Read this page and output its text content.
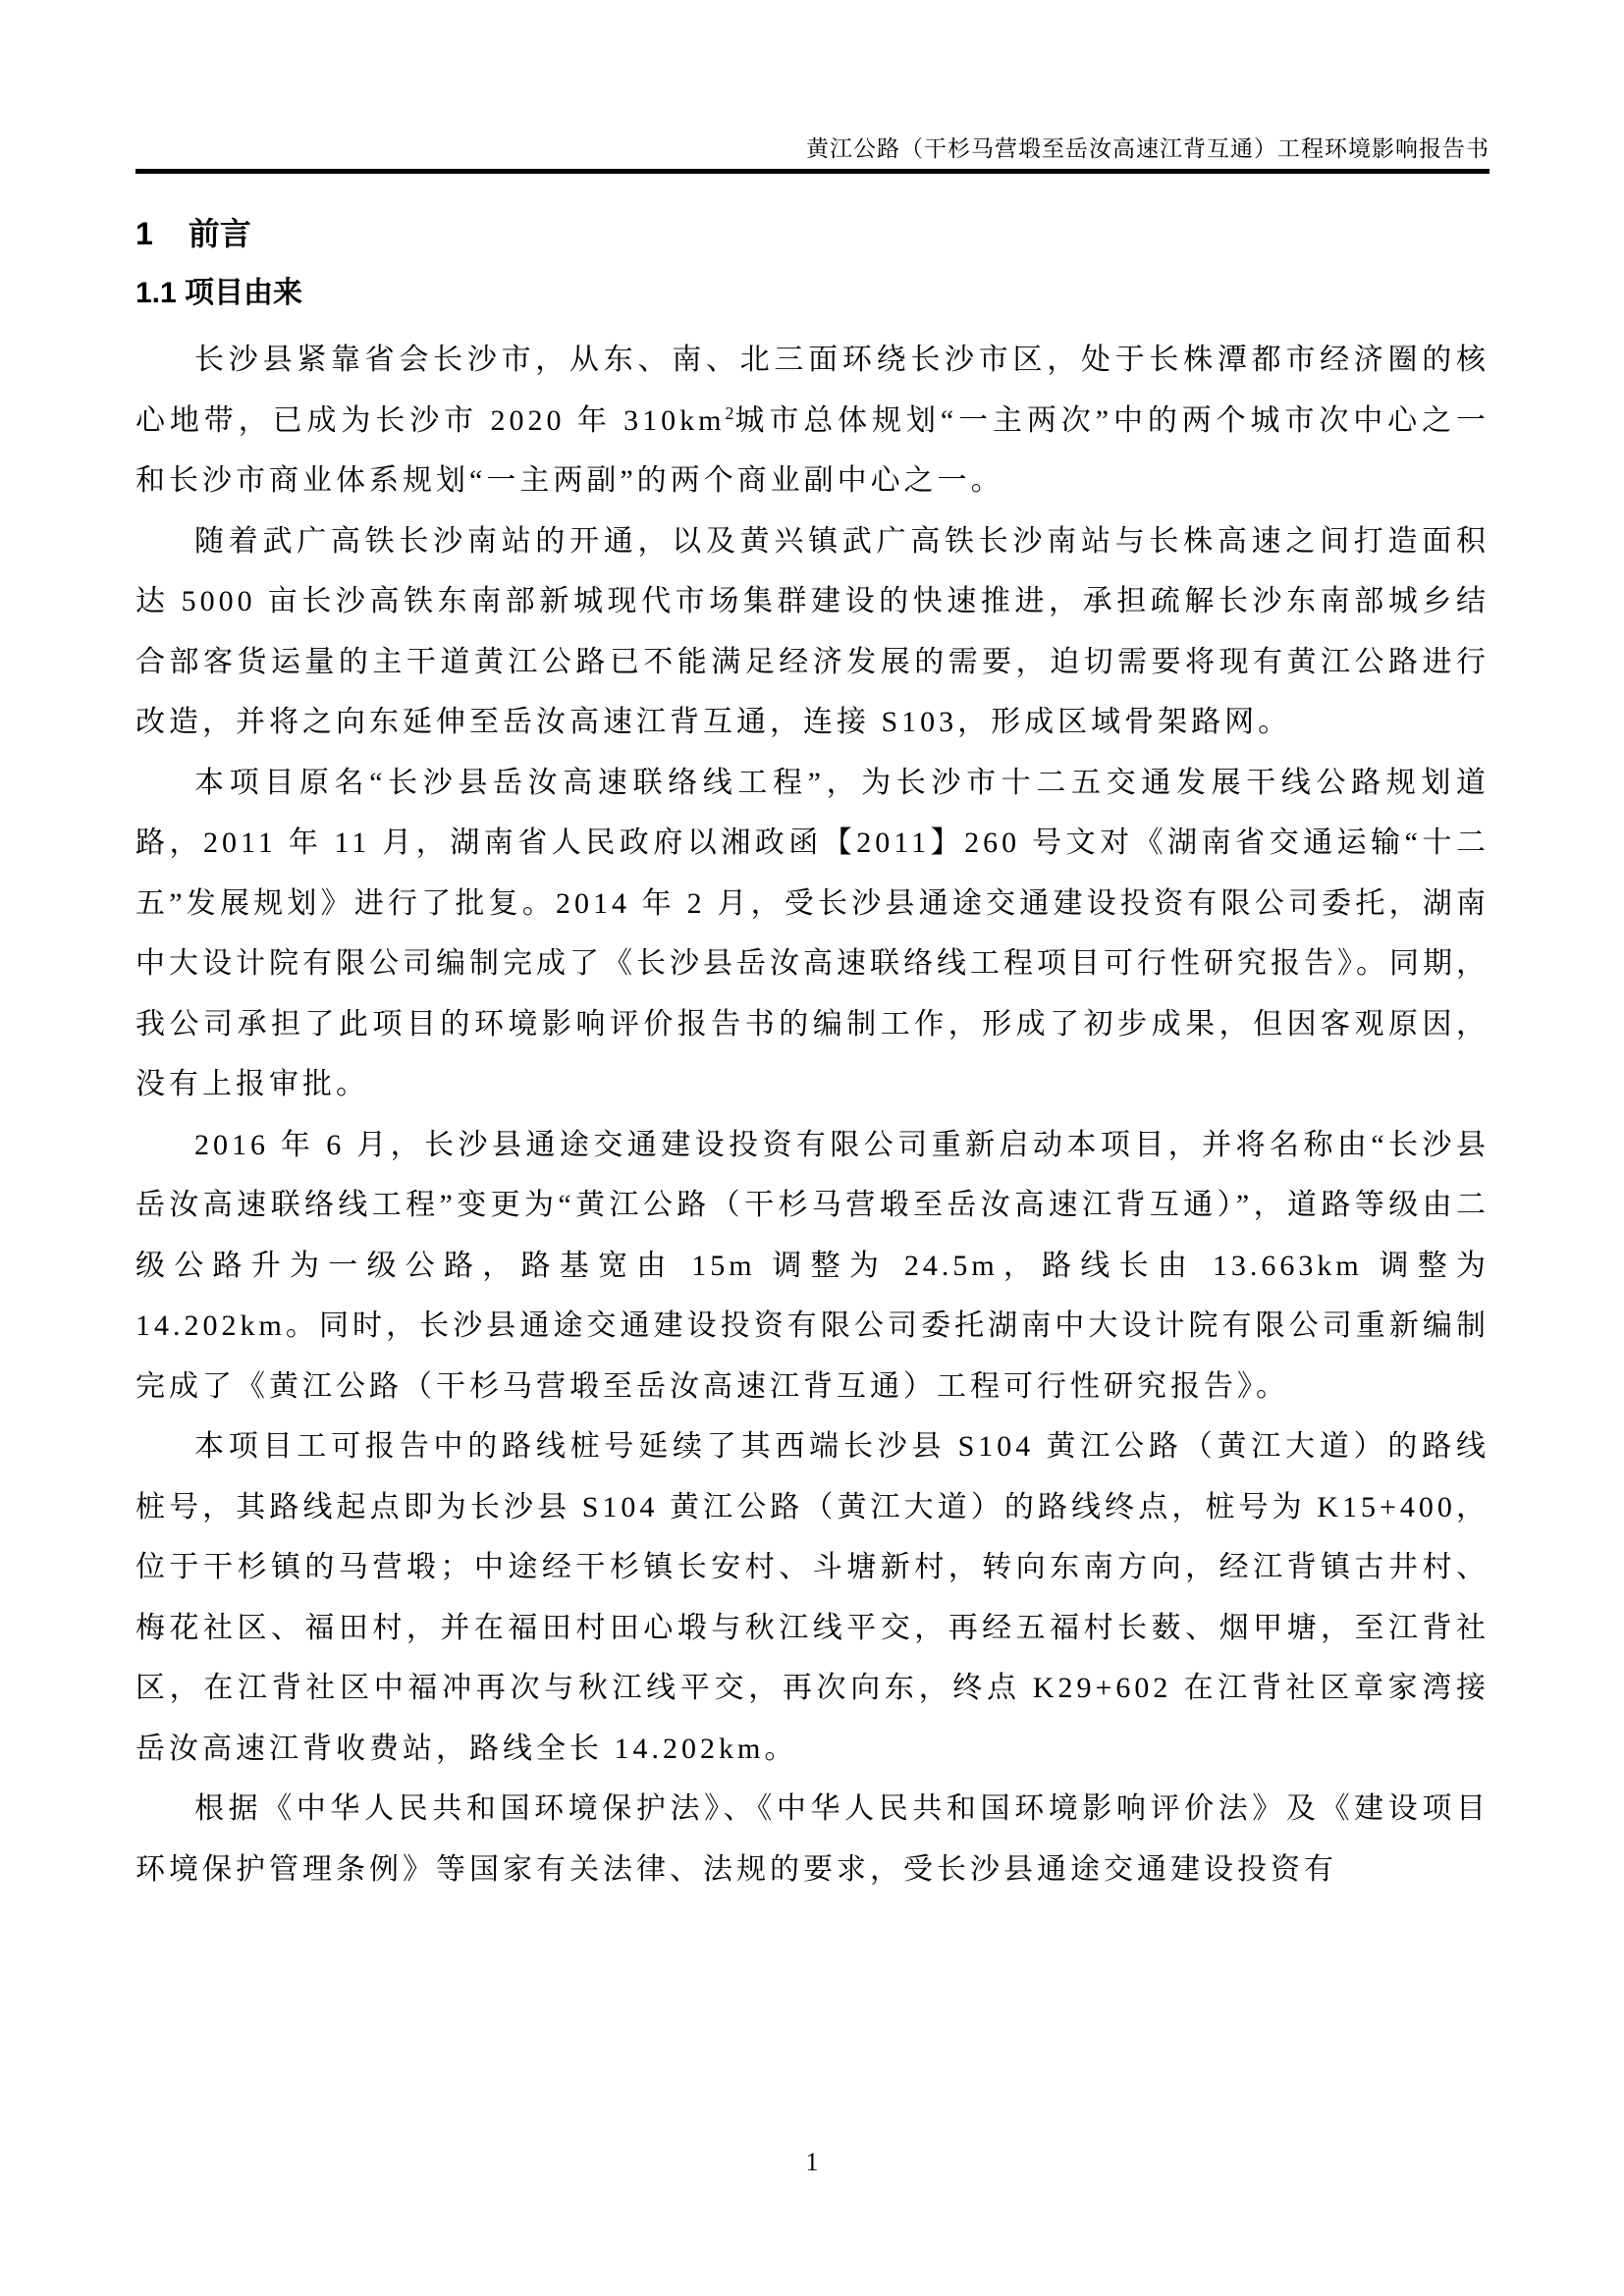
黄江公路（干杉马营塅至岳汝高速江背互通）工程环境影响报告书
1 前言
1.1 项目由来

长沙县紧靠省会长沙市，从东、南、北三面环绕长沙市区，处于长株潭都市经济圈的核心地带，已成为长沙市 2020 年 $310km^2$城市总体规划“一主两次”中的两个城市次中心之一和长沙市商业体系规划“一主两副”的两个商业副中心之一。

随着武广高铁长沙南站的开通，以及黄兴镇武广高铁长沙南站与长株高速之间打造面积达 5000 亩长沙高铁东南部新城现代市场集群建设的快速推进，承担疏解长沙东南部城乡结合部客货运量的主干道黄江公路已不能满足经济发展的需要，迫切需要将现有黄江公路进行改造，并将之向东延伸至岳汝高速江背互通，连接 S103，形成区域骨架路网。

本项目原名“长沙县岳汝高速联络线工程”，为长沙市十二五交通发展干线公路规划道路，2011 年 11 月，湖南省人民政府以湘政函【2011】260 号文对《湖南省交通运输“十二五”发展规划》进行了批复。2014 年 2 月，受长沙县通途交通建设投资有限公司委托，湖南中大设计院有限公司编制完成了《长沙县岳汝高速联络线工程项目可行性研究报告》。同期，我公司承担了此项目的环境影响评价报告书的编制工作，形成了初步成果，但因客观原因，没有上报审批。

2016 年 6 月，长沙县通途交通建设投资有限公司重新启动本项目，并将名称由“长沙县岳汝高速联络线工程”变更为“黄江公路（干杉马营塅至岳汝高速江背互通）”，道路等级由二级公路升为一级公路，路基宽由 15m 调整为 24.5m，路线长由 13.663km 调整为 14.202km。同时，长沙县通途交通建设投资有限公司委托湖南中大设计院有限公司重新编制完成了《黄江公路（干杉马营塅至岳汝高速江背互通）工程可行性研究报告》。

本项目工可报告中的路线桩号延续了其西端长沙县 S104 黄江公路（黄江大道）的路线桩号，其路线起点即为长沙县 S104 黄江公路（黄江大道）的路线终点，桩号为 K15+400，位于干杉镇的马营塅；中途经干杉镇长安村、斗塘新村，转向东南方向，经江背镇古井村、梅花社区、福田村，并在福田村田心塅与秋江线平交，再经五福村长薮、烟甲塘，至江背社区，在江背社区中福冲再次与秋江线平交，再次向东，终点 K29+602 在江背社区章家湾接岳汝高速江背收费站，路线全长 14.202km。

根据《中华人民共和国环境保护法》、《中华人民共和国环境影响评价法》及《建设项目环境保护管理条例》等国家有关法律、法规的要求，受长沙县通途交通建设投资有

1
